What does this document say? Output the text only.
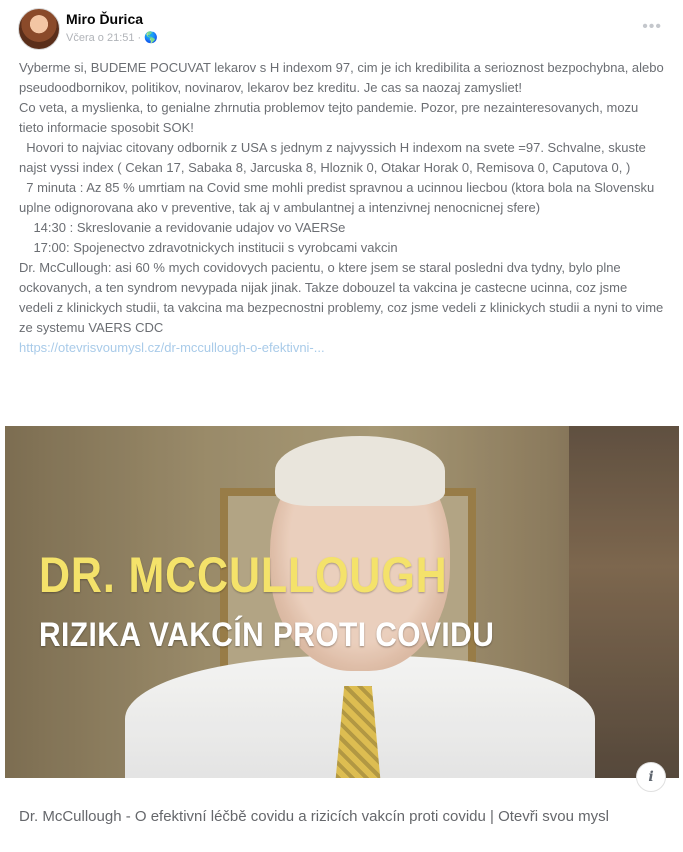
Miro Ďurica
Včera o 21:51 · 🌎
•••

Vyberme si, BUDEME POCUVAT lekarov s H indexom 97, cim je ich kredibilita a serioznost bezpochybna, alebo pseudoodbornikov, politikov, novinarov, lekarov bez kreditu. Je cas sa naozaj zamysliet!

Co veta, a myslienka, to genialne zhrnutia problemov tejto pandemie. Pozor, pre nezainteresovanych, mozu tieto informacie sposobit SOK!

Hovori to najviac citovany odbornik z USA s jednym z najvyssich H indexom na svete =97. Schvalne, skuste najst vyssi index ( Cekan 17, Sabaka 8, Jarcuska 8, Hloznik 0, Otakar Horak 0, Remisova 0, Caputova 0, )

7 minuta : Az 85 % umrtiam na Covid sme mohli predist spravnou a ucinnou liecbou (ktora bola na Slovensku uplne odignorovana ako v preventive, tak aj v ambulantnej a intenzivnej nenocnicnej sfere)

14:30 : Skreslovanie a revidovanie udajov vo VAERSe

17:00: Spojenectvo zdravotnickych institucii s vyrobcami vakcin

Dr. McCullough: asi 60 % mych covidovych pacientu, o ktere jsem se staral posledni dva tydny, bylo plne ockovanych, a ten syndrom nevypada nijak jinak. Takze dobouzel ta vakcina je castecne ucinna, coz jsme vedeli z klinickych studii, ta vakcina ma bezpecnostni problemy, coz jsme vedeli z klinickych studii a nyni to vime ze systemu VAERS CDC

https://otevrisvoumysl.cz/dr-mccullough-o-efektivni-...

DR. MCCULLOUGH
RIZIKA VAKCÍN PROTI COVIDU
i
Dr. McCullough - O efektivní léčbě covidu a rizicích vakcín proti covidu | Otevři svou mysl
